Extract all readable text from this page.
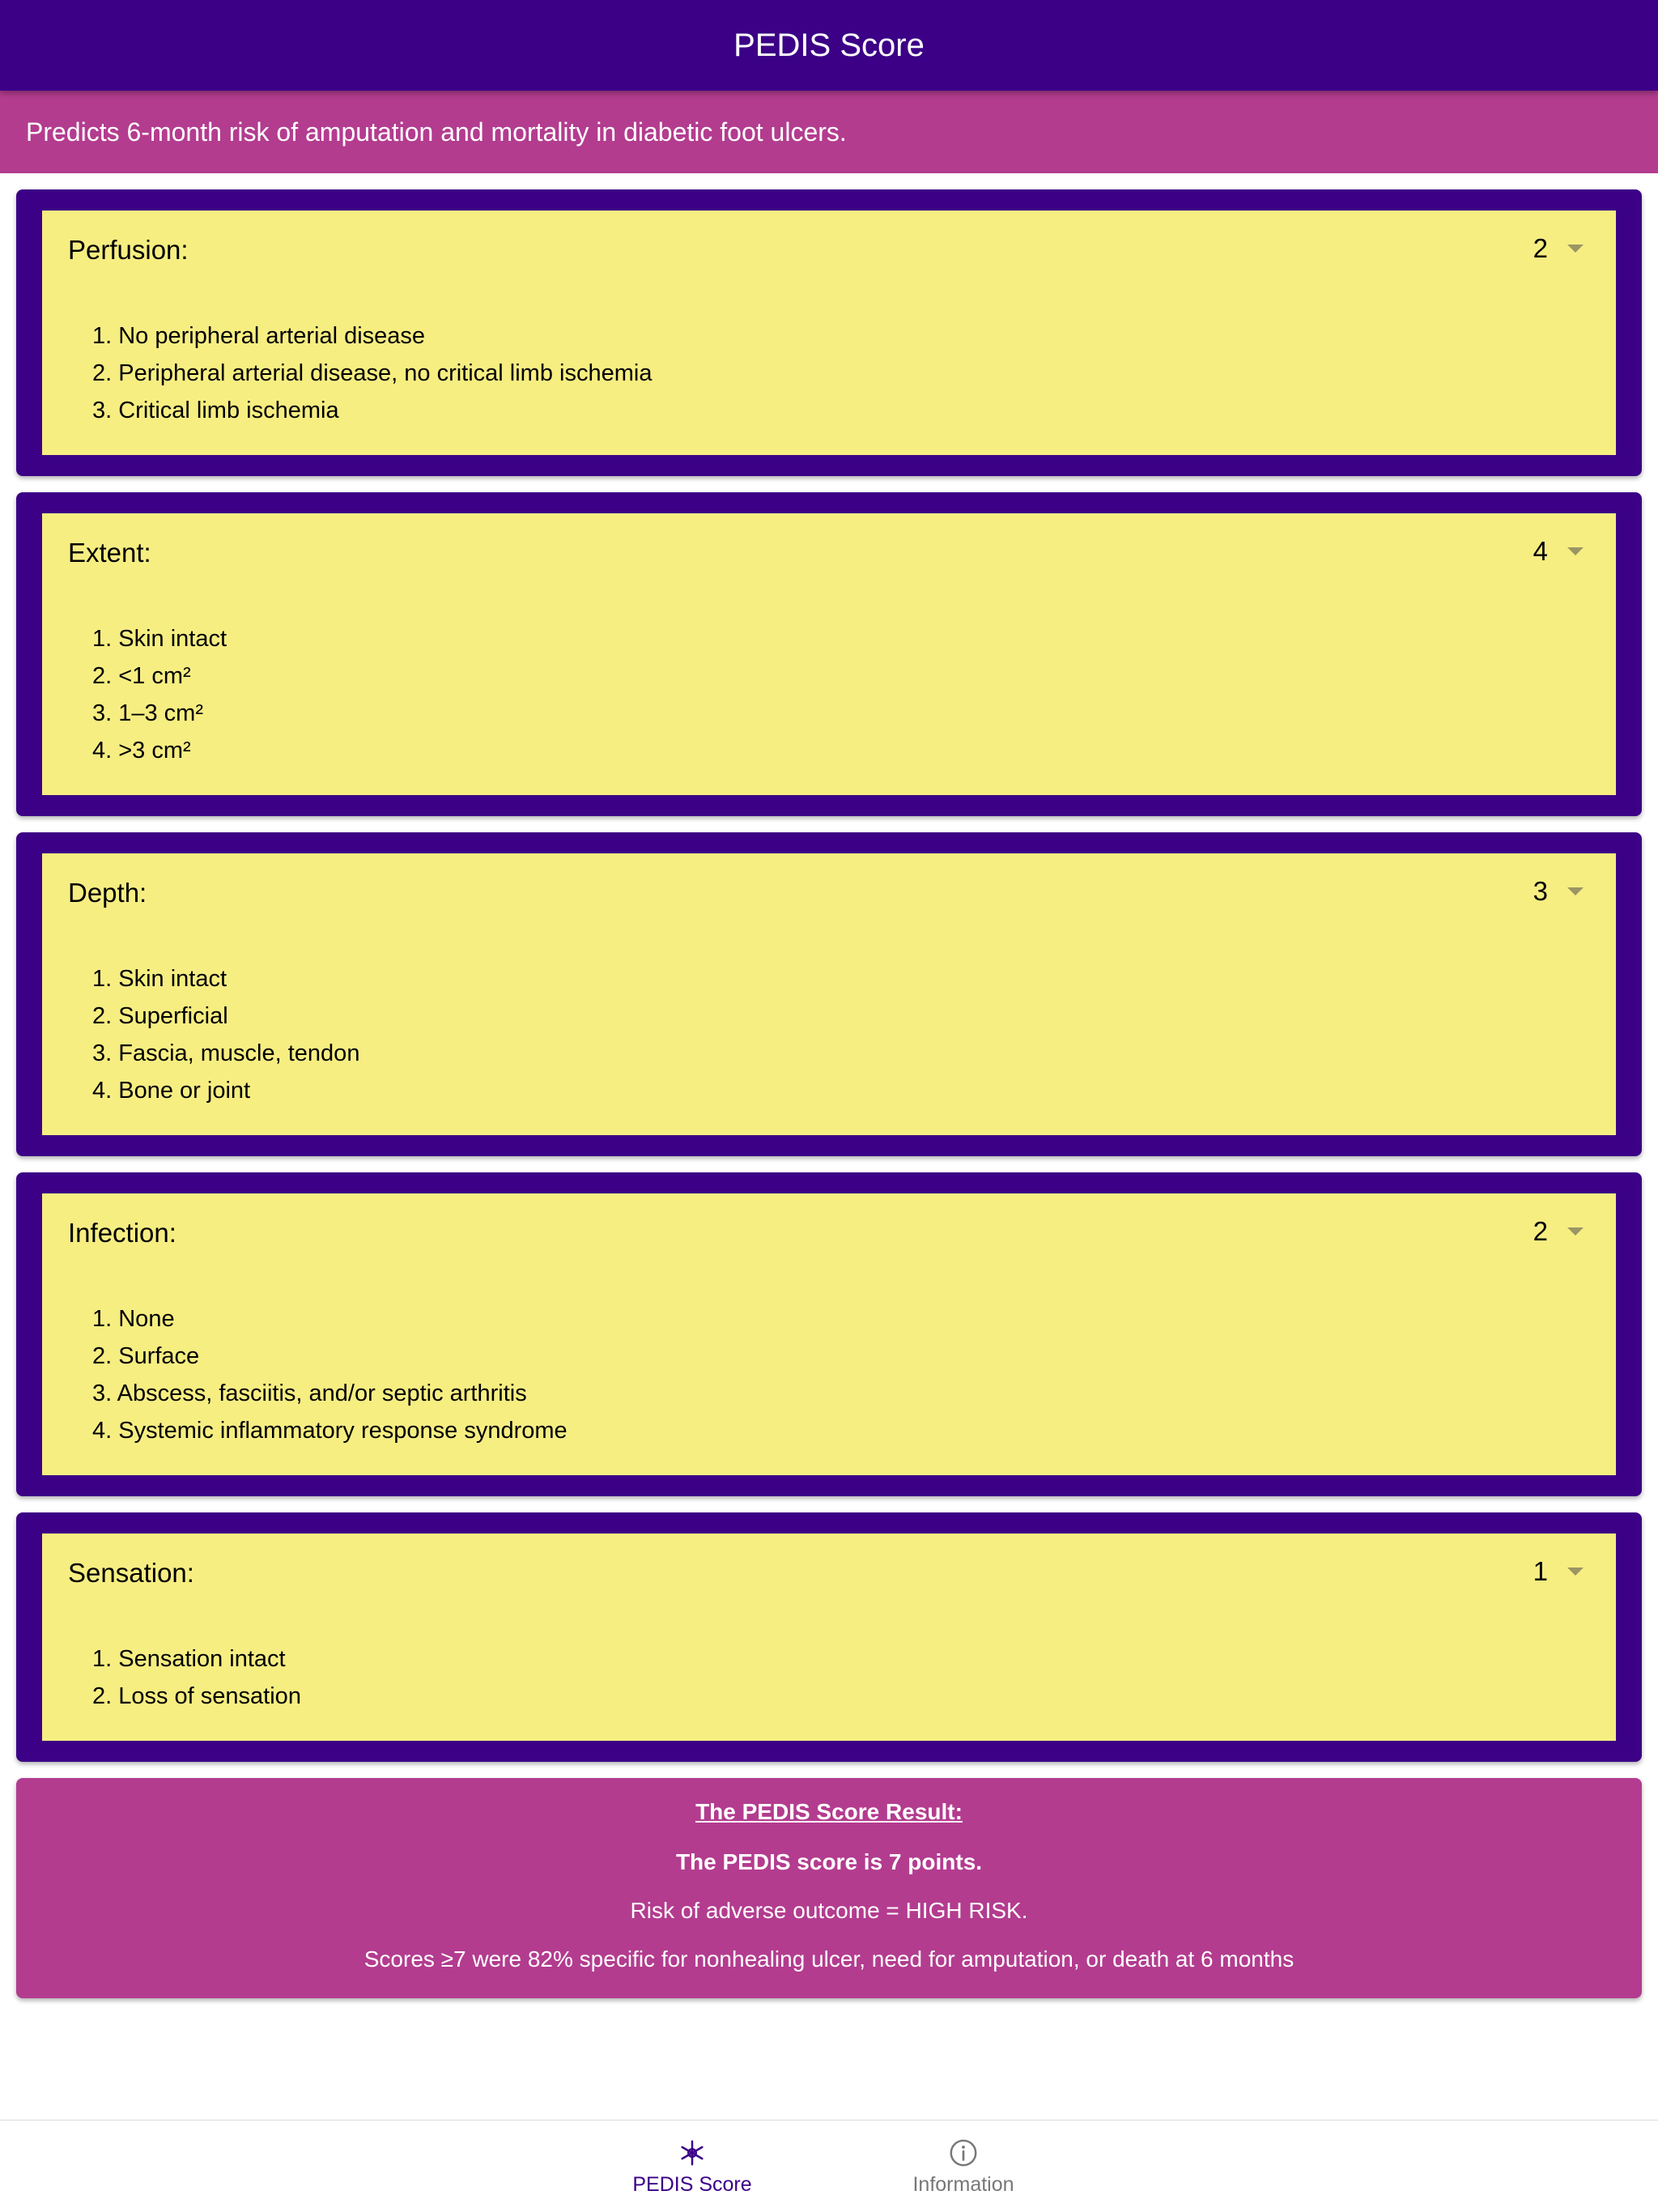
PEDIS Score
Predicts 6-month risk of amputation and mortality in diabetic foot ulcers.
Perfusion:	2
1. No peripheral arterial disease
2. Peripheral arterial disease, no critical limb ischemia
3. Critical limb ischemia
Extent:	4
1. Skin intact
2. <1 cm²
3. 1–3 cm²
4. >3 cm²
Depth:	3
1. Skin intact
2. Superficial
3. Fascia, muscle, tendon
4. Bone or joint
Infection:	2
1. None
2. Surface
3. Abscess, fasciitis, and/or septic arthritis
4. Systemic inflammatory response syndrome
Sensation:	1
1. Sensation intact
2. Loss of sensation
The PEDIS Score Result:
The PEDIS score is 7 points.
Risk of adverse outcome = HIGH RISK.
Scores ≥7 were 82% specific for nonhealing ulcer, need for amputation, or death at 6 months
PEDIS Score	Information
